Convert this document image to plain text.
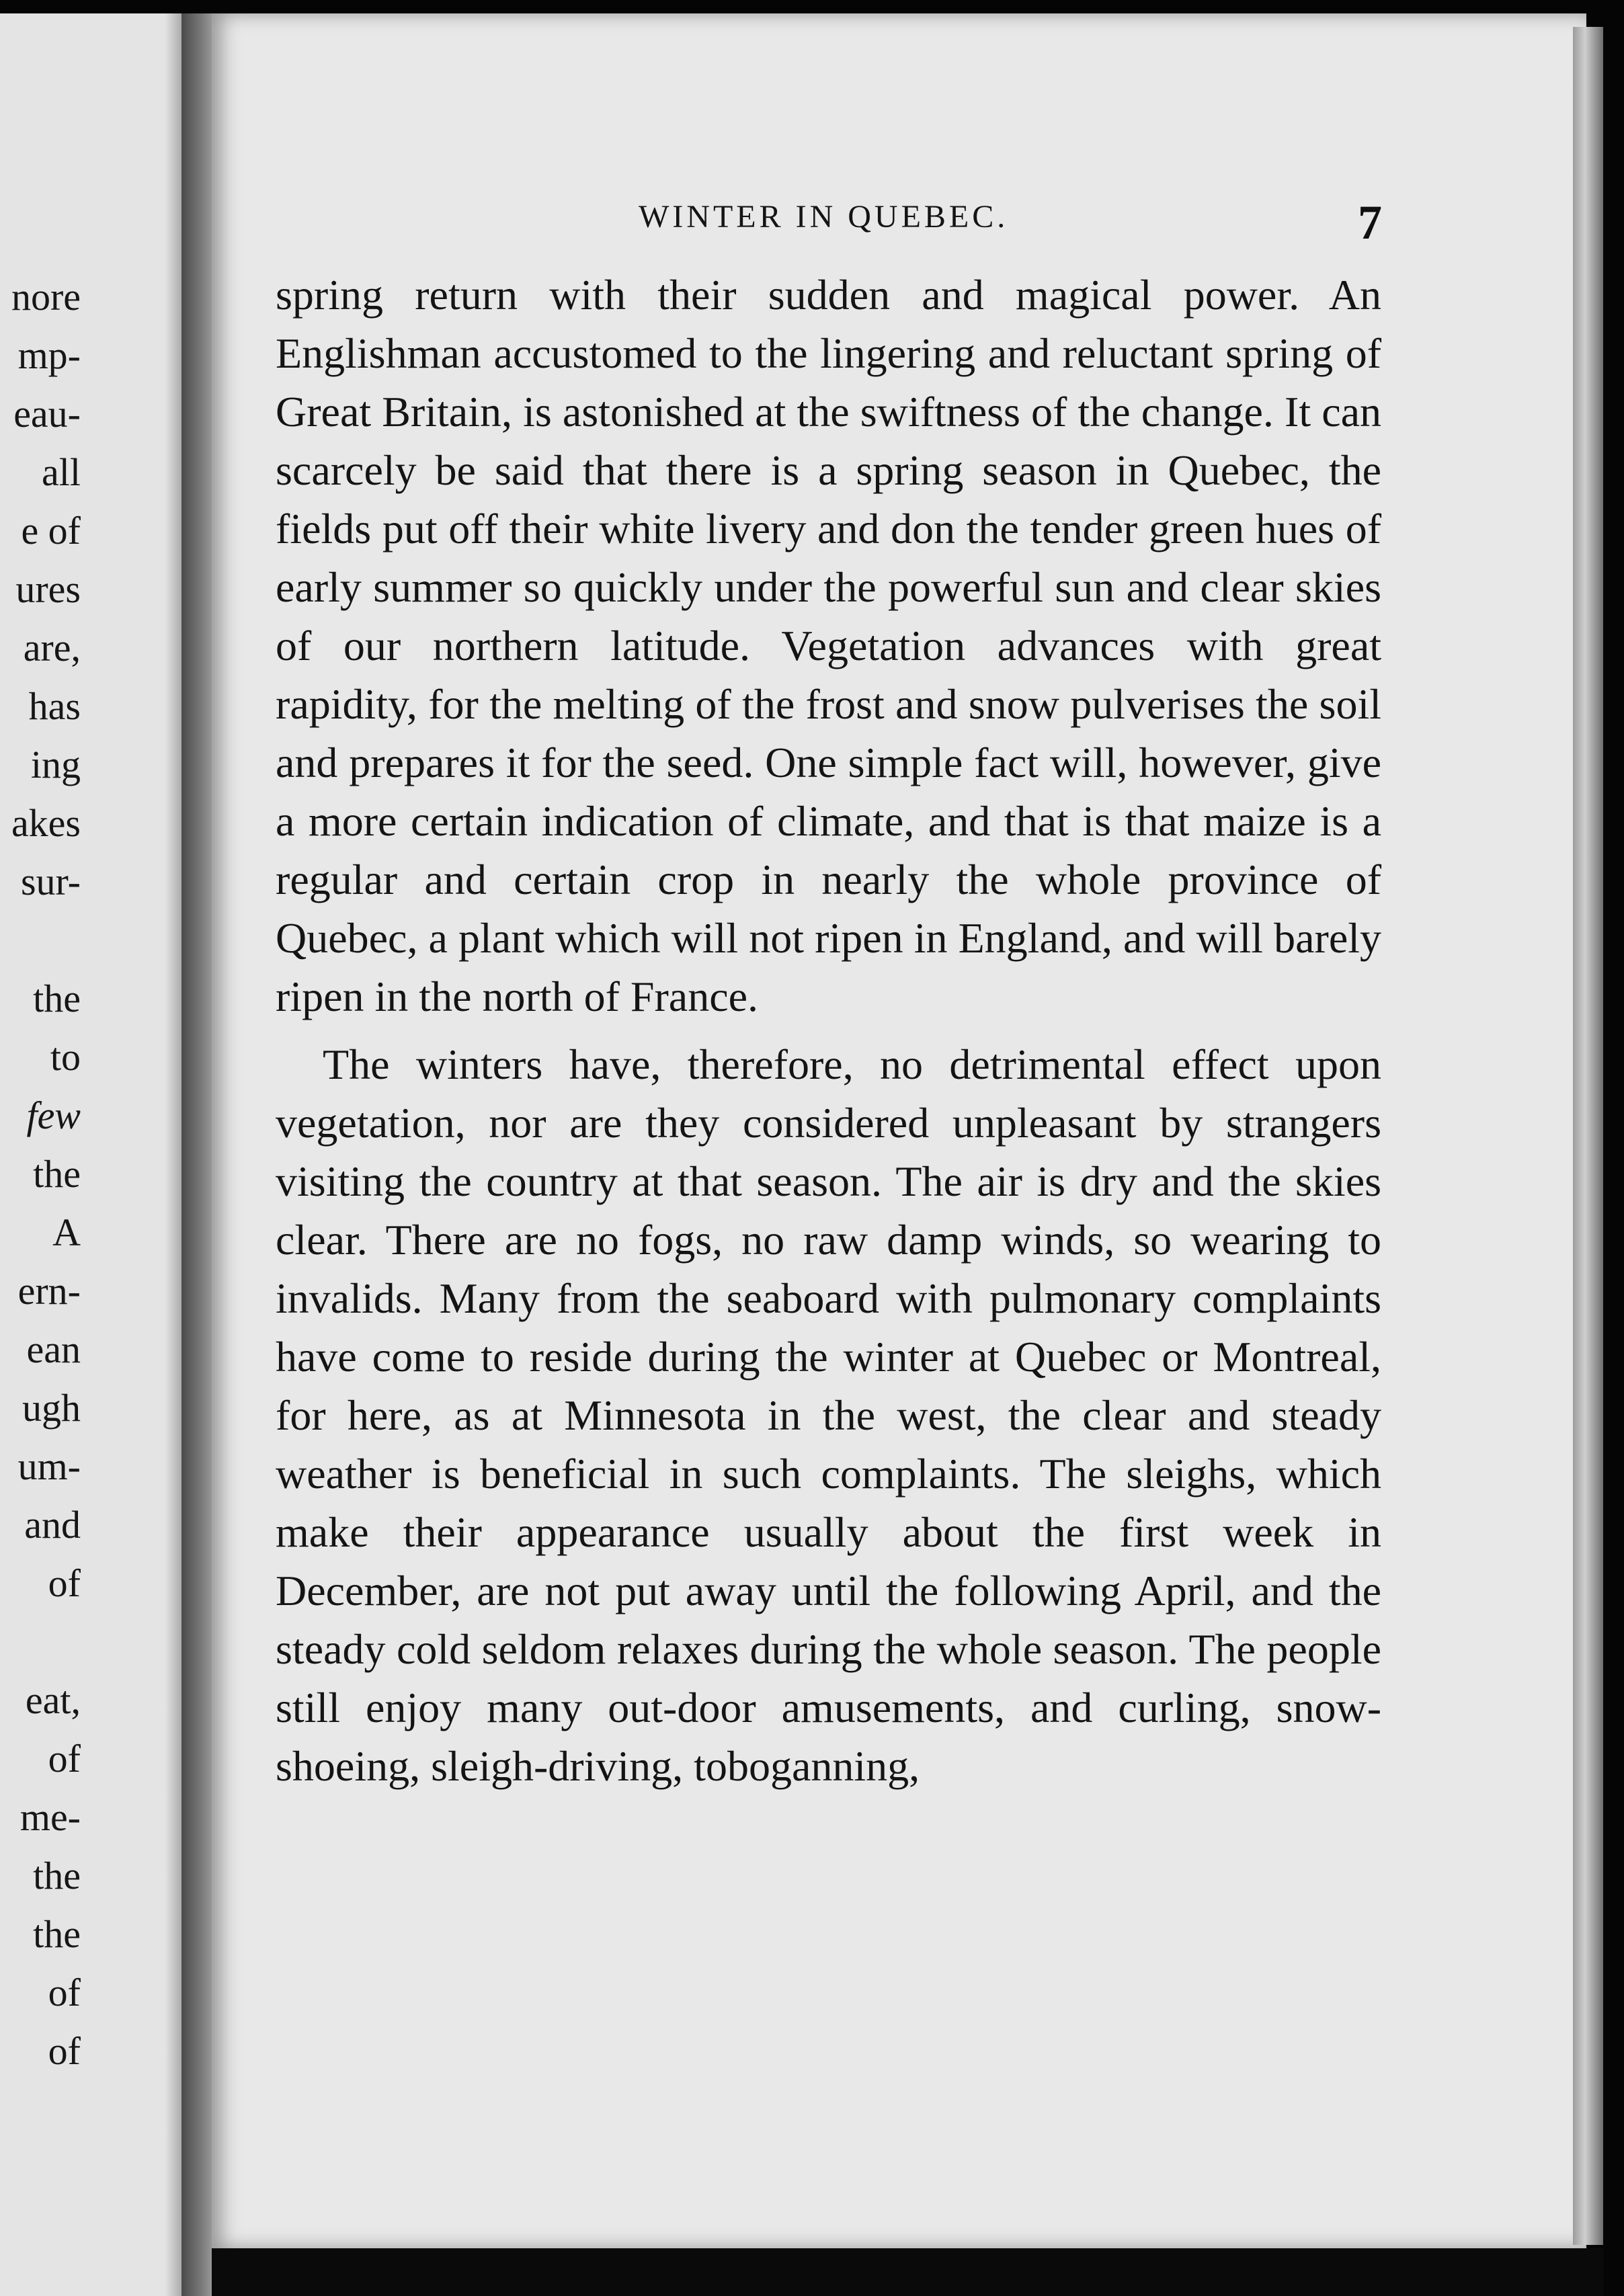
nore
mp-
eau-
all
e of
ures
are,
has
ing
akes
sur-
the
to
few
the
A
ern-
ean
ugh
um-
and
of
eat,
of
me-
the
the
of
of
WINTER IN QUEBEC.	7

spring return with their sudden and magical power. An Englishman accustomed to the lingering and reluctant spring of Great Britain, is astonished at the swiftness of the change. It can scarcely be said that there is a spring season in Quebec, the fields put off their white livery and don the tender green hues of early summer so quickly under the powerful sun and clear skies of our northern latitude. Vegetation advances with great rapidity, for the melting of the frost and snow pulverises the soil and prepares it for the seed. One simple fact will, however, give a more certain indication of climate, and that is that maize is a regular and certain crop in nearly the whole province of Quebec, a plant which will not ripen in England, and will barely ripen in the north of France.

The winters have, therefore, no detrimental effect upon vegetation, nor are they considered unpleasant by strangers visiting the country at that season. The air is dry and the skies clear. There are no fogs, no raw damp winds, so wearing to invalids. Many from the seaboard with pulmonary complaints have come to reside during the winter at Quebec or Montreal, for here, as at Minnesota in the west, the clear and steady weather is beneficial in such complaints. The sleighs, which make their appearance usually about the first week in December, are not put away until the following April, and the steady cold seldom relaxes during the whole season. The people still enjoy many out-door amusements, and curling, snow-shoeing, sleigh-driving, toboganning,
